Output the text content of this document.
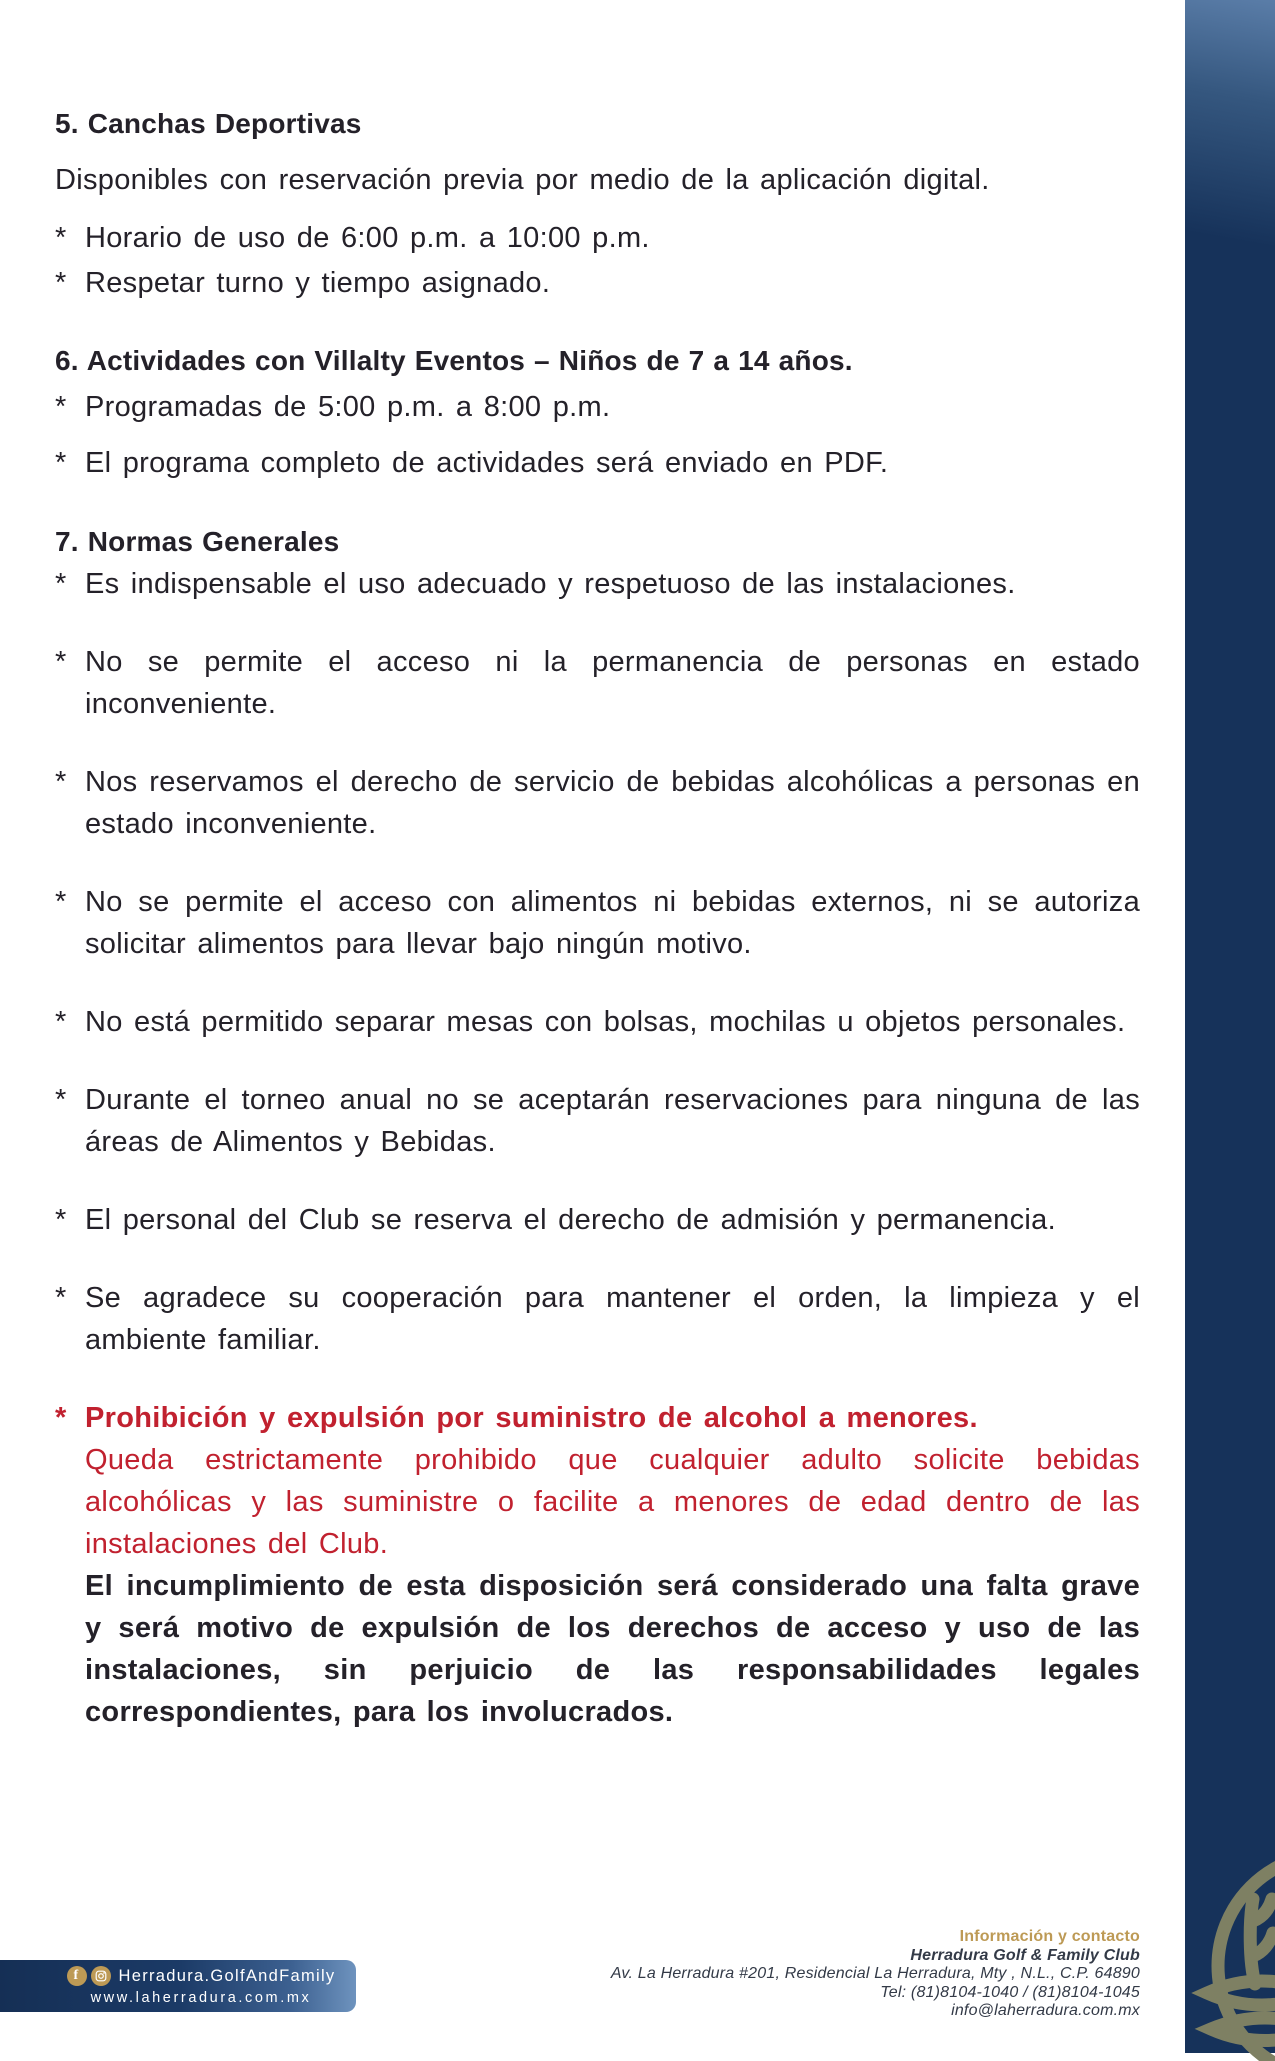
5. Canchas Deportivas

Disponibles con reservación previa por medio de la aplicación digital.

* Horario de uso de 6:00 p.m. a 10:00 p.m.
* Respetar turno y tiempo asignado.
6. Actividades con Villalty Eventos – Niños de 7 a 14 años.
* Programadas de 5:00 p.m. a 8:00 p.m.
* El programa completo de actividades será enviado en PDF.
7. Normas Generales
* Es indispensable el uso adecuado y respetuoso de las instalaciones.
* No se permite el acceso ni la permanencia de personas en estado inconveniente.
* Nos reservamos el derecho de servicio de bebidas alcohólicas a personas en estado inconveniente.
* No se permite el acceso con alimentos ni bebidas externos, ni se autoriza solicitar alimentos para llevar bajo ningún motivo.
* No está permitido separar mesas con bolsas, mochilas u objetos personales.
* Durante el torneo anual no se aceptarán reservaciones para ninguna de las áreas de Alimentos y Bebidas.
* El personal del Club se reserva el derecho de admisión y permanencia.
* Se agradece su cooperación para mantener el orden, la limpieza y el ambiente familiar.
* Prohibición y expulsión por suministro de alcohol a menores.

Queda estrictamente prohibido que cualquier adulto solicite bebidas alcohólicas y las suministre o facilite a menores de edad dentro de las instalaciones del Club.

El incumplimiento de esta disposición será considerado una falta grave y será motivo de expulsión de los derechos de acceso y uso de las instalaciones, sin perjuicio de las responsabilidades legales correspondientes, para los involucrados.

f	Herradura.GolfAndFamily
www.laherradura.com.mx
Información y contacto
Herradura Golf & Family Club
Av. La Herradura #201, Residencial La Herradura, Mty , N.L., C.P. 64890
Tel: (81)8104-1040 / (81)8104-1045
info@laherradura.com.mx
